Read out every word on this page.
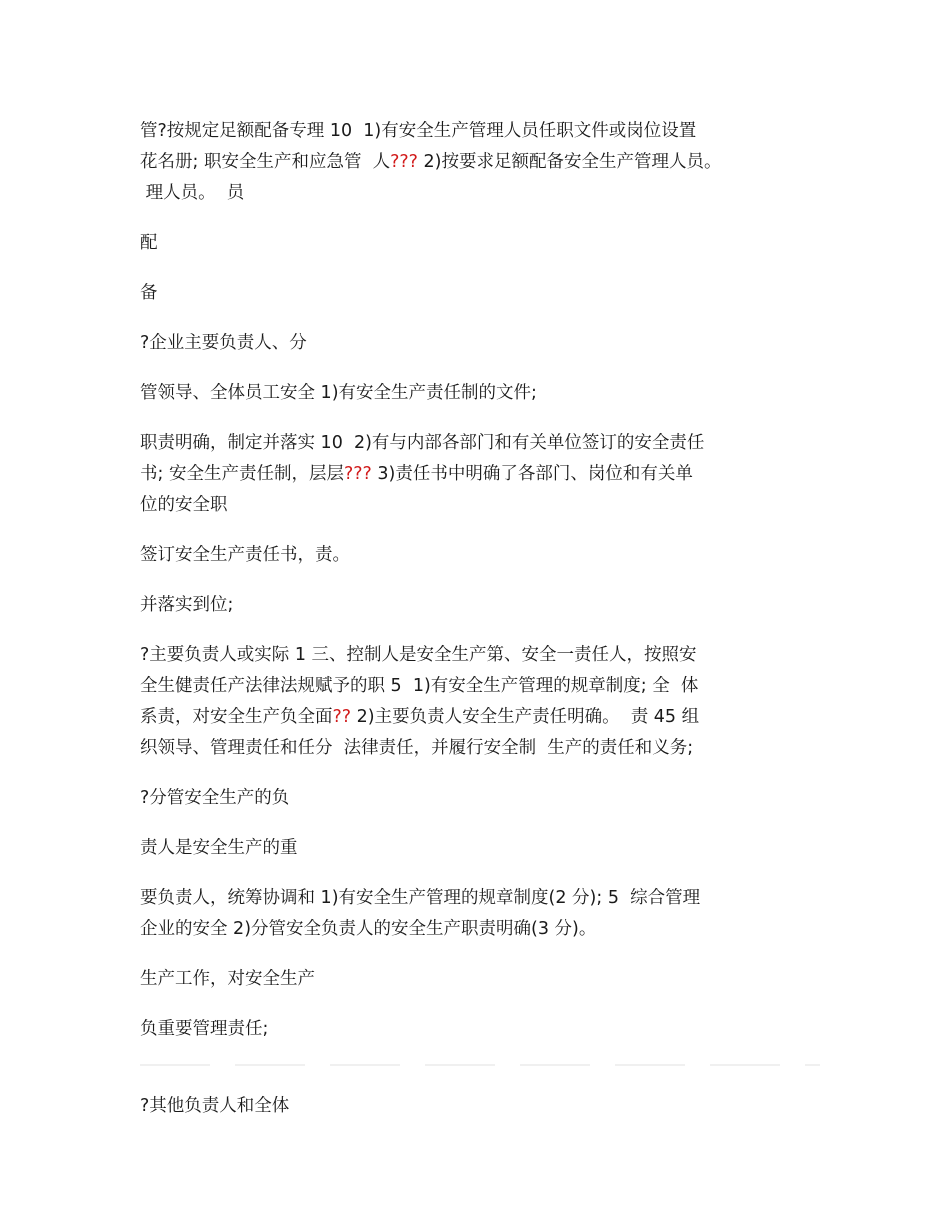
管?按规定足额配备专理 10  1)有安全生产管理人员任职文件或岗位设置
花名册; 职安全生产和应急管  人??? 2)按要求足额配备安全生产管理人员。
理人员。  员
配
备
?企业主要负责人、分
管领导、全体员工安全 1)有安全生产责任制的文件;
职责明确，制定并落实 10  2)有与内部各部门和有关单位签订的安全责任
书; 安全生产责任制，层层??? 3)责任书中明确了各部门、岗位和有关单
位的安全职
签订安全生产责任书，责。
并落实到位;
?主要负责人或实际 1 三、控制人是安全生产第、安全一责任人，按照安
全生健责任产法律法规赋予的职 5  1)有安全生产管理的规章制度; 全  体
系责，对安全生产负全面?? 2)主要负责人安全生产责任明确。  责 45 组
织领导、管理责任和任分  法律责任，并履行安全制  生产的责任和义务;
?分管安全生产的负
责人是安全生产的重
要负责人，统筹协调和 1)有安全生产管理的规章制度(2 分); 5  综合管理
企业的安全 2)分管安全负责人的安全生产职责明确(3 分)。
生产工作，对安全生产
负重要管理责任;
?其他负责人和全体
